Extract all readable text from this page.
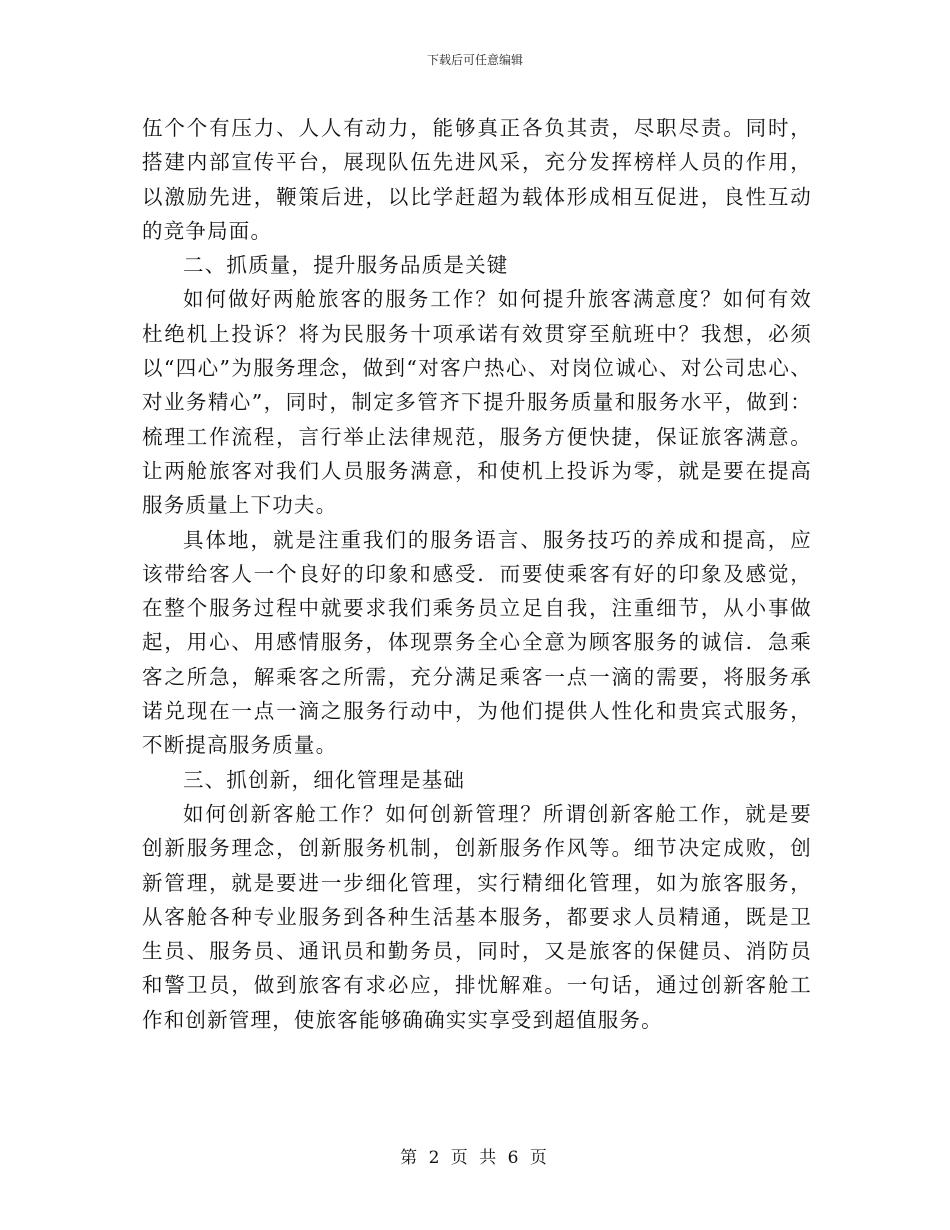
下载后可任意编辑

伍个个有压力、人人有动力，能够真正各负其责，尽职尽责。同时，搭建内部宣传平台，展现队伍先进风采，充分发挥榜样人员的作用，以激励先进，鞭策后进，以比学赶超为载体形成相互促进，良性互动的竞争局面。

二、抓质量，提升服务品质是关键

如何做好两舱旅客的服务工作？如何提升旅客满意度？如何有效杜绝机上投诉？将为民服务十项承诺有效贯穿至航班中？我想，必须以“四心”为服务理念，做到“对客户热心、对岗位诚心、对公司忠心、对业务精心”，同时，制定多管齐下提升服务质量和服务水平，做到：梳理工作流程，言行举止法律规范，服务方便快捷，保证旅客满意。让两舱旅客对我们人员服务满意，和使机上投诉为零，就是要在提高服务质量上下功夫。

具体地，就是注重我们的服务语言、服务技巧的养成和提高，应该带给客人一个良好的印象和感受．而要使乘客有好的印象及感觉，在整个服务过程中就要求我们乘务员立足自我，注重细节，从小事做起，用心、用感情服务，体现票务全心全意为顾客服务的诚信．急乘客之所急，解乘客之所需，充分满足乘客一点一滴的需要，将服务承诺兑现在一点一滴之服务行动中，为他们提供人性化和贵宾式服务，不断提高服务质量。

三、抓创新，细化管理是基础

如何创新客舱工作？如何创新管理？所谓创新客舱工作，就是要创新服务理念，创新服务机制，创新服务作风等。细节决定成败，创新管理，就是要进一步细化管理，实行精细化管理，如为旅客服务，从客舱各种专业服务到各种生活基本服务，都要求人员精通，既是卫生员、服务员、通讯员和勤务员，同时，又是旅客的保健员、消防员和警卫员，做到旅客有求必应，排忧解难。一句话，通过创新客舱工作和创新管理，使旅客能够确确实实享受到超值服务。

第 2 页 共 6 页
